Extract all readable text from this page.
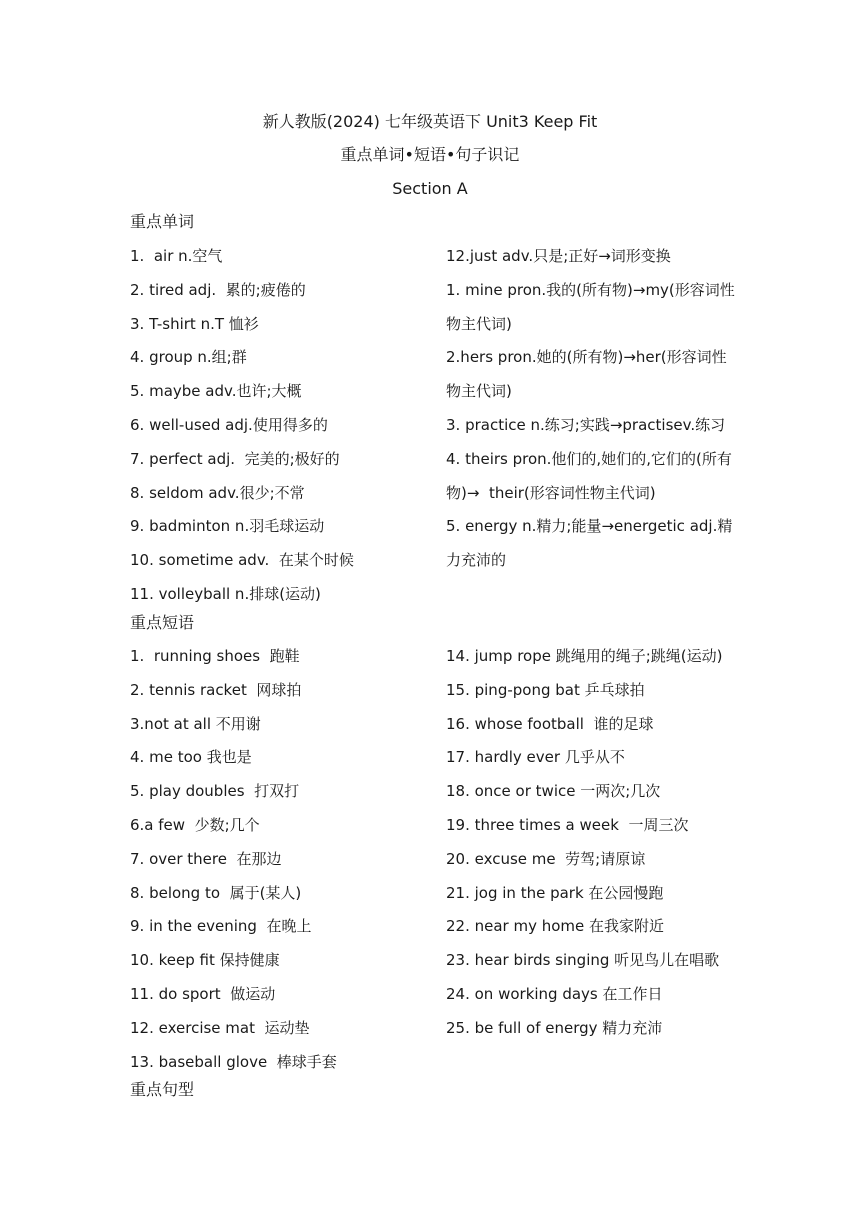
新人教版(2024) 七年级英语下 Unit3 Keep Fit
重点单词•短语•句子识记
Section A
重点单词
1.  air n.空气
2. tired adj.  累的;疲倦的
3. T-shirt n.T 恤衫
4. group n.组;群
5. maybe adv.也许;大概
6. well-used adj.使用得多的
7. perfect adj.  完美的;极好的
8. seldom adv.很少;不常
9. badminton n.羽毛球运动
10. sometime adv.  在某个时候
11. volleyball n.排球(运动)
12.just adv.只是;正好→词形变换
1. mine pron.我的(所有物)→my(形容词性物主代词)
2.hers pron.她的(所有物)→her(形容词性物主代词)
3. practice n.练习;实践→practisev.练习
4. theirs pron.他们的,她们的,它们的(所有物)→  their(形容词性物主代词)
5. energy n.精力;能量→energetic adj.精力充沛的
重点短语
1.  running shoes  跑鞋
2. tennis racket  网球拍
3.not at all 不用谢
4. me too 我也是
5. play doubles  打双打
6.a few  少数;几个
7. over there  在那边
8. belong to  属于(某人)
9. in the evening  在晚上
10. keep fit 保持健康
11. do sport  做运动
12. exercise mat  运动垫
13. baseball glove  棒球手套
14. jump rope 跳绳用的绳子;跳绳(运动)
15. ping-pong bat 乒乓球拍
16. whose football  谁的足球
17. hardly ever 几乎从不
18. once or twice 一两次;几次
19. three times a week  一周三次
20. excuse me  劳驾;请原谅
21. jog in the park 在公园慢跑
22. near my home 在我家附近
23. hear birds singing 听见鸟儿在唱歌
24. on working days 在工作日
25. be full of energy 精力充沛
重点句型
